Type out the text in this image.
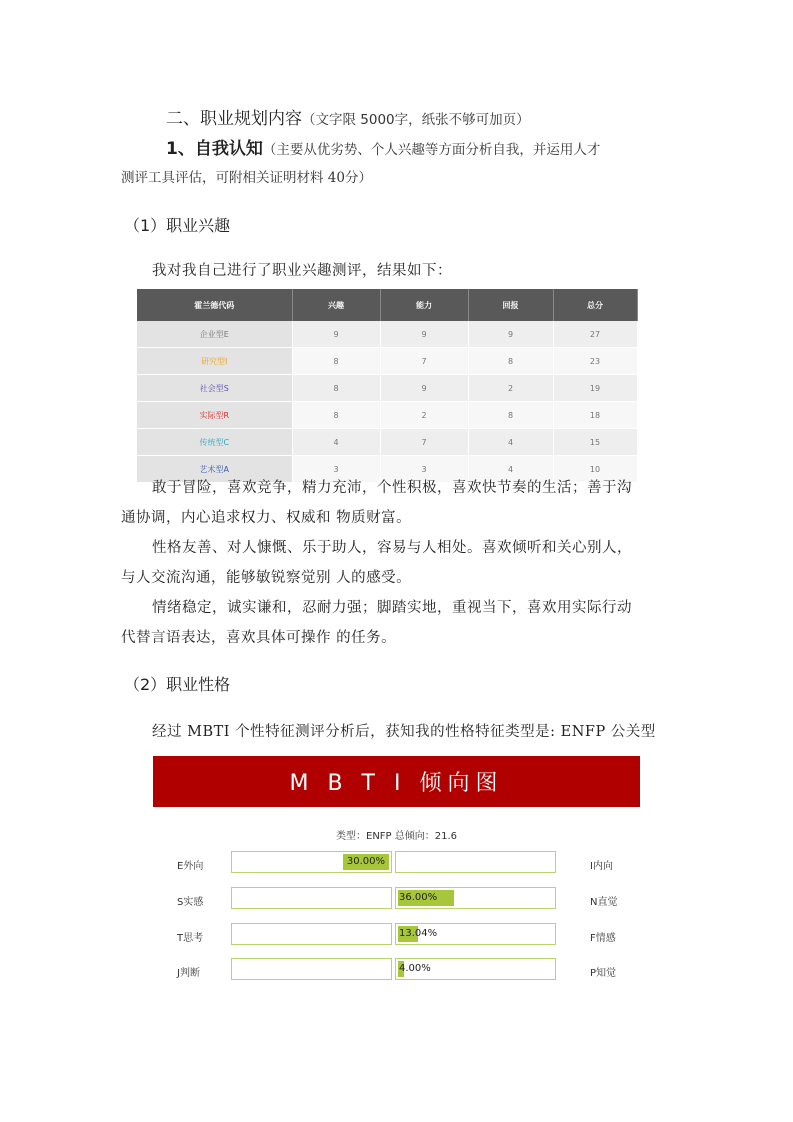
二、职业规划内容（文字限 5000字，纸张不够可加页）
1、自我认知（主要从优劣势、个人兴趣等方面分析自我，并运用人才
测评工具评估，可附相关证明材料 40分）
（1）职业兴趣
我对我自己进行了职业兴趣测评，结果如下：
霍兰德代码	兴趣	能力	回报	总分
企业型E	9	9	9	27
研究型I	8	7	8	23
社会型S	8	9	2	19
实际型R	8	2	8	18
传统型C	4	7	4	15
艺术型A	3	3	4	10
敢于冒险，喜欢竞争，精力充沛，个性积极，喜欢快节奏的生活；善于沟
通协调，内心追求权力、权威和 物质财富。
性格友善、对人慷慨、乐于助人，容易与人相处。喜欢倾听和关心别人，
与人交流沟通，能够敏锐察觉别 人的感受。
情绪稳定，诚实谦和，忍耐力强；脚踏实地，重视当下，喜欢用实际行动
代替言语表达，喜欢具体可操作 的任务。
（2）职业性格
经过 MBTI 个性特征测评分析后，获知我的性格特征类型是: ENFP 公关型
M B T I 倾向图
类型：ENFP 总倾向：21.6
E外向	30.00%	I内向
S实感	36.00%	N直觉
T思考	13.04%	F情感
J判断	4.00%	P知觉
